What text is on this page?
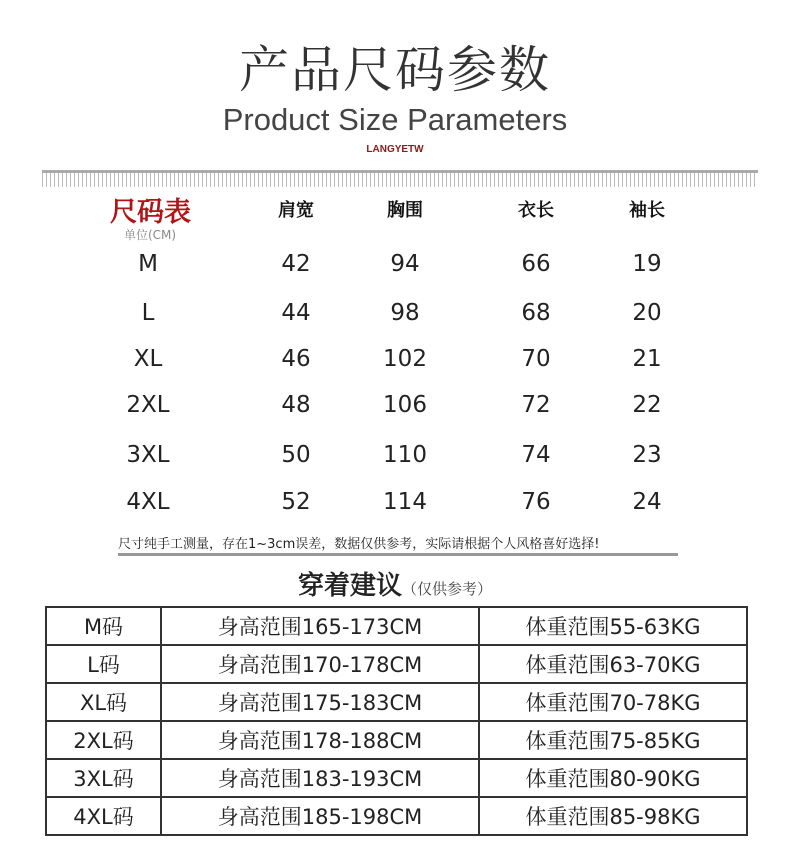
产品尺码参数
Product Size Parameters
LANGYETW
尺码表
单位(CM)
肩宽	胸围	衣长	袖长
M	42	94	66	19
L	44	98	68	20
XL	46	102	70	21
2XL	48	106	72	22
3XL	50	110	74	23
4XL	52	114	76	24
尺寸纯手工测量，存在1~3cm误差，数据仅供参考，实际请根据个人风格喜好选择!
穿着建议（仅供参考）
M码	身高范围165-173CM	体重范围55-63KG
L码	身高范围170-178CM	体重范围63-70KG
XL码	身高范围175-183CM	体重范围70-78KG
2XL码	身高范围178-188CM	体重范围75-85KG
3XL码	身高范围183-193CM	体重范围80-90KG
4XL码	身高范围185-198CM	体重范围85-98KG
